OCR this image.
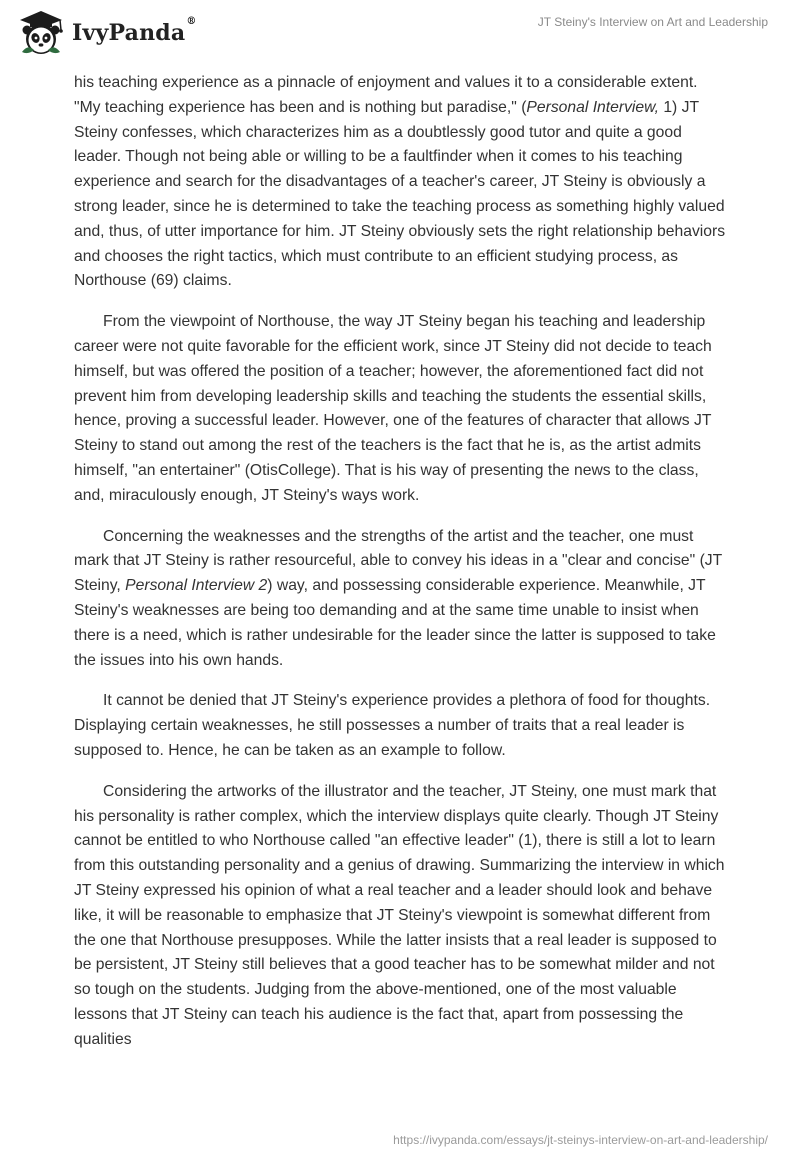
IvyPanda®	JT Steiny's Interview on Art and Leadership

his teaching experience as a pinnacle of enjoyment and values it to a considerable extent. "My teaching experience has been and is nothing but paradise," (Personal Interview, 1) JT Steiny confesses, which characterizes him as a doubtlessly good tutor and quite a good leader. Though not being able or willing to be a faultfinder when it comes to his teaching experience and search for the disadvantages of a teacher's career, JT Steiny is obviously a strong leader, since he is determined to take the teaching process as something highly valued and, thus, of utter importance for him. JT Steiny obviously sets the right relationship behaviors and chooses the right tactics, which must contribute to an efficient studying process, as Northouse (69) claims.

From the viewpoint of Northouse, the way JT Steiny began his teaching and leadership career were not quite favorable for the efficient work, since JT Steiny did not decide to teach himself, but was offered the position of a teacher; however, the aforementioned fact did not prevent him from developing leadership skills and teaching the students the essential skills, hence, proving a successful leader. However, one of the features of character that allows JT Steiny to stand out among the rest of the teachers is the fact that he is, as the artist admits himself, "an entertainer" (OtisCollege). That is his way of presenting the news to the class, and, miraculously enough, JT Steiny's ways work.

Concerning the weaknesses and the strengths of the artist and the teacher, one must mark that JT Steiny is rather resourceful, able to convey his ideas in a "clear and concise" (JT Steiny, Personal Interview 2) way, and possessing considerable experience. Meanwhile, JT Steiny's weaknesses are being too demanding and at the same time unable to insist when there is a need, which is rather undesirable for the leader since the latter is supposed to take the issues into his own hands.

It cannot be denied that JT Steiny's experience provides a plethora of food for thoughts. Displaying certain weaknesses, he still possesses a number of traits that a real leader is supposed to. Hence, he can be taken as an example to follow.

Considering the artworks of the illustrator and the teacher, JT Steiny, one must mark that his personality is rather complex, which the interview displays quite clearly. Though JT Steiny cannot be entitled to who Northouse called "an effective leader" (1), there is still a lot to learn from this outstanding personality and a genius of drawing. Summarizing the interview in which JT Steiny expressed his opinion of what a real teacher and a leader should look and behave like, it will be reasonable to emphasize that JT Steiny's viewpoint is somewhat different from the one that Northouse presupposes. While the latter insists that a real leader is supposed to be persistent, JT Steiny still believes that a good teacher has to be somewhat milder and not so tough on the students. Judging from the above-mentioned, one of the most valuable lessons that JT Steiny can teach his audience is the fact that, apart from possessing the qualities

https://ivypanda.com/essays/jt-steinys-interview-on-art-and-leadership/
